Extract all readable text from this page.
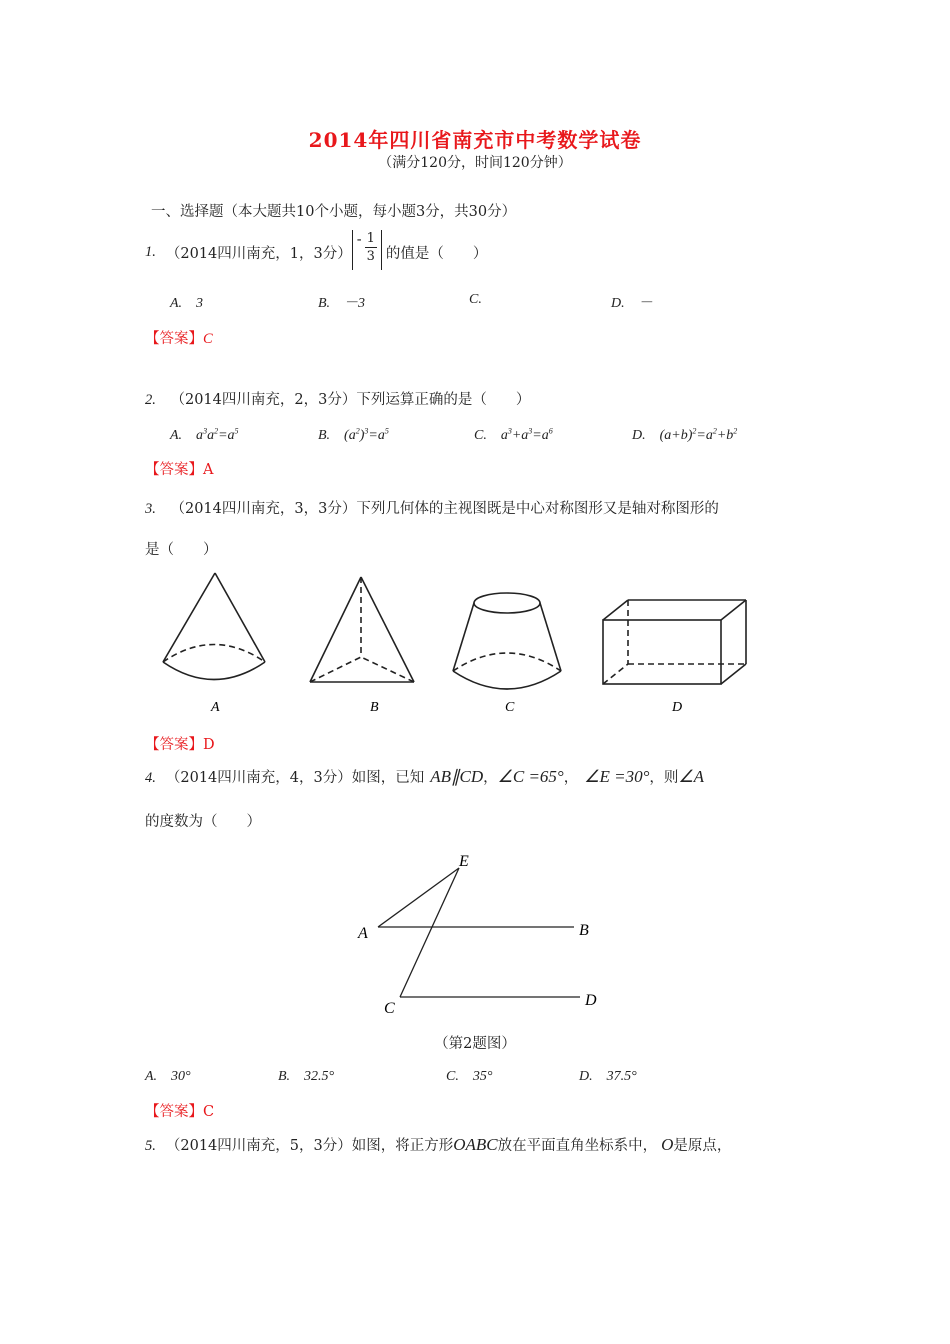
2014年四川省南充市中考数学试卷
（满分120分，时间120分钟）
一、选择题（本大题共10个小题，每小题3分，共30分）
1. （2014四川南充，1，3分）
- $\frac{1}{3}$ 的值是（　　）
A.　3	B.　－3	C.	D.　－
【答案】C
2. （2014四川南充，2，3分）下列运算正确的是（　　）
A.　$a^3a^2=a^5$	B.　$(a^2)^3=a^5$	C.　$a^3+a^3=a^6$	D.　$(a+b)^2=a^2+b^2$
【答案】A
3. （2014四川南充，3，3分）下列几何体的主视图既是中心对称图形又是轴对称图形的
是（　　）
A	B	C	D
【答案】D
4. （2014四川南充，4，3分）如图，已知 AB∥CD ， ∠C =65° ， ∠E =30° ，则 ∠A
的度数为（　　）
E
A	B
C	D
（第2题图）
A.　30°	B.　32.5°	C.　35°	D.　37.5°
【答案】C
5. （2014四川南充，5，3分）如图，将正方形 OABC 放在平面直角坐标系中， O 是原点，
